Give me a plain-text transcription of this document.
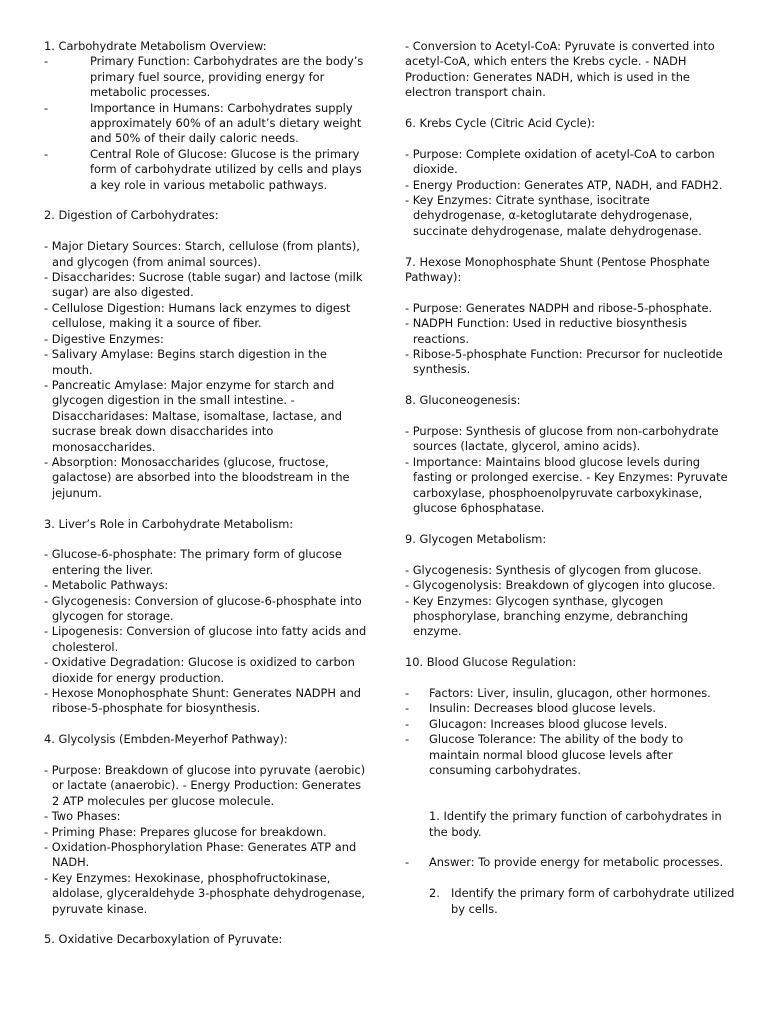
1. Carbohydrate Metabolism Overview:

-	Primary Function: Carbohydrates are the body’s primary fuel source, providing energy for metabolic processes.
-	Importance in Humans: Carbohydrates supply approximately 60% of an adult’s dietary weight and 50% of their daily caloric needs.
-	Central Role of Glucose: Glucose is the primary form of carbohydrate utilized by cells and plays a key role in various metabolic pathways.

2. Digestion of Carbohydrates:

- Major Dietary Sources: Starch, cellulose (from plants), and glycogen (from animal sources).

- Disaccharides: Sucrose (table sugar) and lactose (milk sugar) are also digested.

- Cellulose Digestion: Humans lack enzymes to digest cellulose, making it a source of fiber.

- Digestive Enzymes:

- Salivary Amylase: Begins starch digestion in the mouth.

- Pancreatic Amylase: Major enzyme for starch and glycogen digestion in the small intestine. - Disaccharidases: Maltase, isomaltase, lactase, and sucrase break down disaccharides into monosaccharides.

- Absorption: Monosaccharides (glucose, fructose, galactose) are absorbed into the bloodstream in the jejunum.

3. Liver’s Role in Carbohydrate Metabolism:

- Glucose-6-phosphate: The primary form of glucose entering the liver.

- Metabolic Pathways:

- Glycogenesis: Conversion of glucose-6-phosphate into glycogen for storage.

- Lipogenesis: Conversion of glucose into fatty acids and cholesterol.

- Oxidative Degradation: Glucose is oxidized to carbon dioxide for energy production.

- Hexose Monophosphate Shunt: Generates NADPH and ribose-5-phosphate for biosynthesis.

4. Glycolysis (Embden-Meyerhof Pathway):

- Purpose: Breakdown of glucose into pyruvate (aerobic) or lactate (anaerobic). - Energy Production: Generates 2 ATP molecules per glucose molecule.

- Two Phases:

- Priming Phase: Prepares glucose for breakdown.

- Oxidation-Phosphorylation Phase: Generates ATP and NADH.

- Key Enzymes: Hexokinase, phosphofructokinase, aldolase, glyceraldehyde 3-phosphate dehydrogenase, pyruvate kinase.

5. Oxidative Decarboxylation of Pyruvate:

- Conversion to Acetyl-CoA: Pyruvate is converted into acetyl-CoA, which enters the Krebs cycle. - NADH Production: Generates NADH, which is used in the electron transport chain.

6. Krebs Cycle (Citric Acid Cycle):

- Purpose: Complete oxidation of acetyl-CoA to carbon dioxide.

- Energy Production: Generates ATP, NADH, and FADH2.

- Key Enzymes: Citrate synthase, isocitrate dehydrogenase, α-ketoglutarate dehydrogenase, succinate dehydrogenase, malate dehydrogenase.

7. Hexose Monophosphate Shunt (Pentose Phosphate Pathway):

- Purpose: Generates NADPH and ribose-5-phosphate.

- NADPH Function: Used in reductive biosynthesis reactions.

- Ribose-5-phosphate Function: Precursor for nucleotide synthesis.

8. Gluconeogenesis:

- Purpose: Synthesis of glucose from non-carbohydrate sources (lactate, glycerol, amino acids).

- Importance: Maintains blood glucose levels during fasting or prolonged exercise. - Key Enzymes: Pyruvate carboxylase, phosphoenolpyruvate carboxykinase, glucose 6phosphatase.

9. Glycogen Metabolism:

- Glycogenesis: Synthesis of glycogen from glucose.

- Glycogenolysis: Breakdown of glycogen into glucose.

- Key Enzymes: Glycogen synthase, glycogen phosphorylase, branching enzyme, debranching enzyme.

10. Blood Glucose Regulation:

-	Factors: Liver, insulin, glucagon, other hormones.
-	Insulin: Decreases blood glucose levels.
-	Glucagon: Increases blood glucose levels.
-	Glucose Tolerance: The ability of the body to maintain normal blood glucose levels after consuming carbohydrates.

1. Identify the primary function of carbohydrates in the body.

-	Answer: To provide energy for metabolic processes.
2. Identify the primary form of carbohydrate utilized by cells.
